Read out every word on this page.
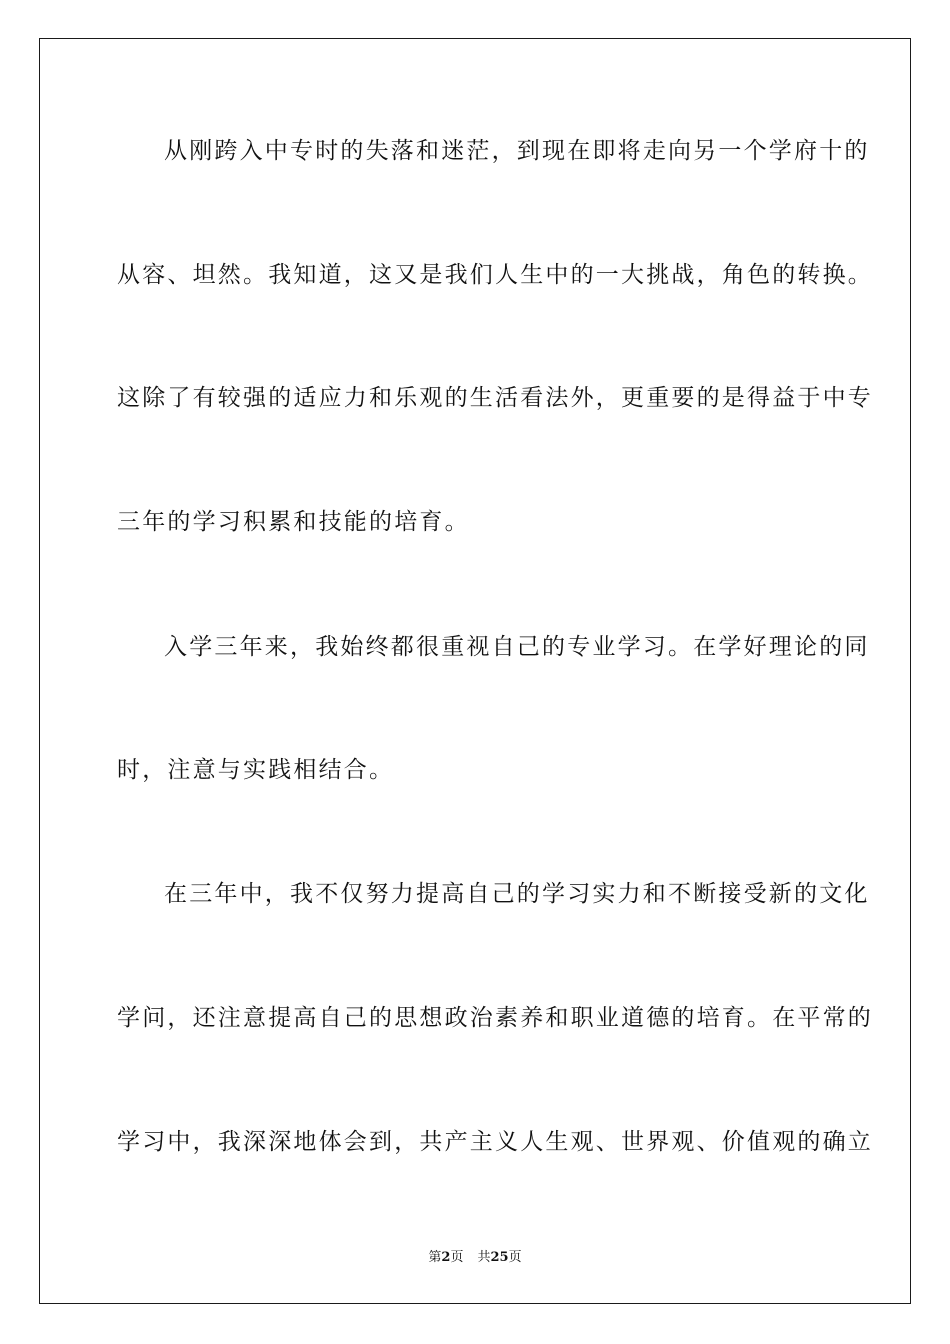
从刚跨入中专时的失落和迷茫，到现在即将走向另一个学府十的
从容、坦然。我知道，这又是我们人生中的一大挑战，角色的转换。
这除了有较强的适应力和乐观的生活看法外，更重要的是得益于中专
三年的学习积累和技能的培育。
入学三年来，我始终都很重视自己的专业学习。在学好理论的同
时，注意与实践相结合。
在三年中，我不仅努力提高自己的学习实力和不断接受新的文化
学问，还注意提高自己的思想政治素养和职业道德的培育。在平常的
学习中，我深深地体会到，共产主义人生观、世界观、价值观的确立
第2页 共25页
